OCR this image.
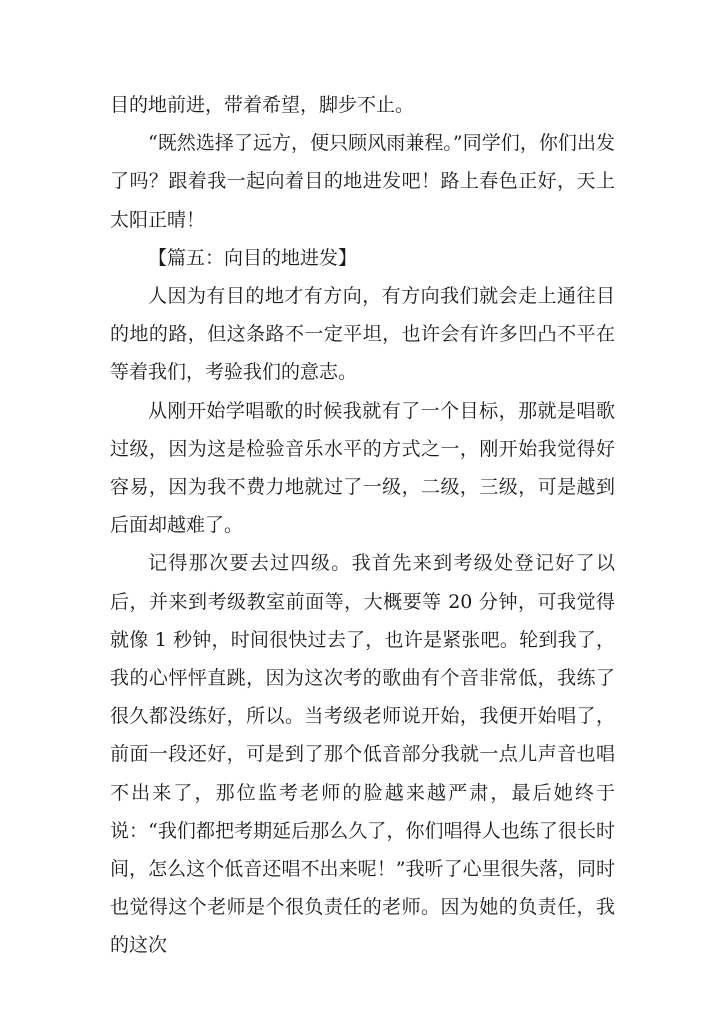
目的地前进，带着希望，脚步不止。

“既然选择了远方，便只顾风雨兼程。”同学们，你们出发了吗？跟着我一起向着目的地进发吧！路上春色正好，天上太阳正晴！

【篇五：向目的地进发】

人因为有目的地才有方向，有方向我们就会走上通往目的地的路，但这条路不一定平坦，也许会有许多凹凸不平在等着我们，考验我们的意志。

从刚开始学唱歌的时候我就有了一个目标，那就是唱歌过级，因为这是检验音乐水平的方式之一，刚开始我觉得好容易，因为我不费力地就过了一级，二级，三级，可是越到后面却越难了。

记得那次要去过四级。我首先来到考级处登记好了以后，并来到考级教室前面等，大概要等 20 分钟，可我觉得就像 1 秒钟，时间很快过去了，也许是紧张吧。轮到我了，我的心怦怦直跳，因为这次考的歌曲有个音非常低，我练了很久都没练好，所以。当考级老师说开始，我便开始唱了，前面一段还好，可是到了那个低音部分我就一点儿声音也唱不出来了，那位监考老师的脸越来越严肃，最后她终于说：“我们都把考期延后那么久了，你们唱得人也练了很长时间，怎么这个低音还唱不出来呢！”我听了心里很失落，同时也觉得这个老师是个很负责任的老师。因为她的负责任，我的这次
